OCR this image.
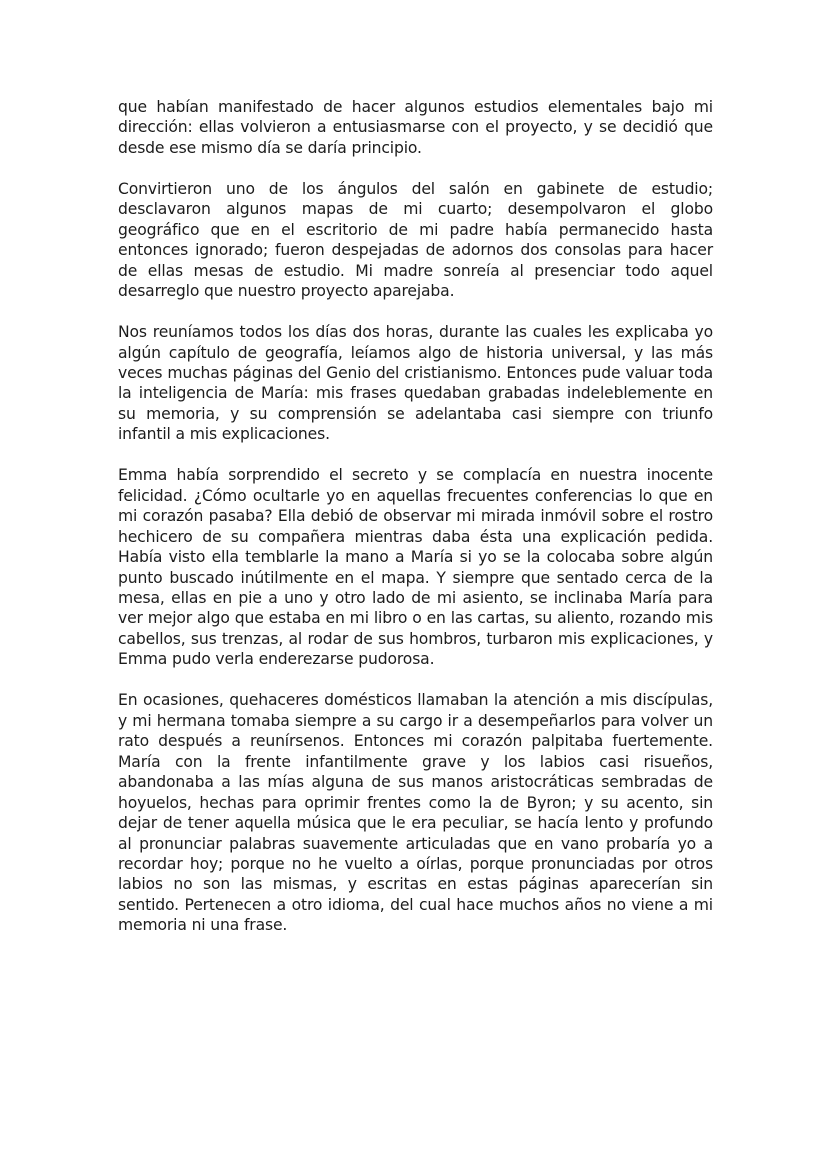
que habían manifestado de hacer algunos estudios elementales bajo mi dirección: ellas volvieron a entusiasmarse con el proyecto, y se decidió que desde ese mismo día se daría principio.

Convirtieron uno de los ángulos del salón en gabinete de estudio; desclavaron algunos mapas de mi cuarto; desempolvaron el globo geográfico que en el escritorio de mi padre había permanecido hasta entonces ignorado; fueron despejadas de adornos dos consolas para hacer de ellas mesas de estudio. Mi madre sonreía al presenciar todo aquel desarreglo que nuestro proyecto aparejaba.

Nos reuníamos todos los días dos horas, durante las cuales les explicaba yo algún capítulo de geografía, leíamos algo de historia universal, y las más veces muchas páginas del Genio del cristianismo. Entonces pude valuar toda la inteligencia de María: mis frases quedaban grabadas indeleblemente en su memoria, y su comprensión se adelantaba casi siempre con triunfo infantil a mis explicaciones.

Emma había sorprendido el secreto y se complacía en nuestra inocente felicidad. ¿Cómo ocultarle yo en aquellas frecuentes conferencias lo que en mi corazón pasaba? Ella debió de observar mi mirada inmóvil sobre el rostro hechicero de su compañera mientras daba ésta una explicación pedida. Había visto ella temblarle la mano a María si yo se la colocaba sobre algún punto buscado inútilmente en el mapa. Y siempre que sentado cerca de la mesa, ellas en pie a uno y otro lado de mi asiento, se inclinaba María para ver mejor algo que estaba en mi libro o en las cartas, su aliento, rozando mis cabellos, sus trenzas, al rodar de sus hombros, turbaron mis explicaciones, y Emma pudo verla enderezarse pudorosa.

En ocasiones, quehaceres domésticos llamaban la atención a mis discípulas, y mi hermana tomaba siempre a su cargo ir a desempeñarlos para volver un rato después a reunírsenos. Entonces mi corazón palpitaba fuertemente. María con la frente infantilmente grave y los labios casi risueños, abandonaba a las mías alguna de sus manos aristocráticas sembradas de hoyuelos, hechas para oprimir frentes como la de Byron; y su acento, sin dejar de tener aquella música que le era peculiar, se hacía lento y profundo al pronunciar palabras suavemente articuladas que en vano probaría yo a recordar hoy; porque no he vuelto a oírlas, porque pronunciadas por otros labios no son las mismas, y escritas en estas páginas aparecerían sin sentido. Pertenecen a otro idioma, del cual hace muchos años no viene a mi memoria ni una frase.
